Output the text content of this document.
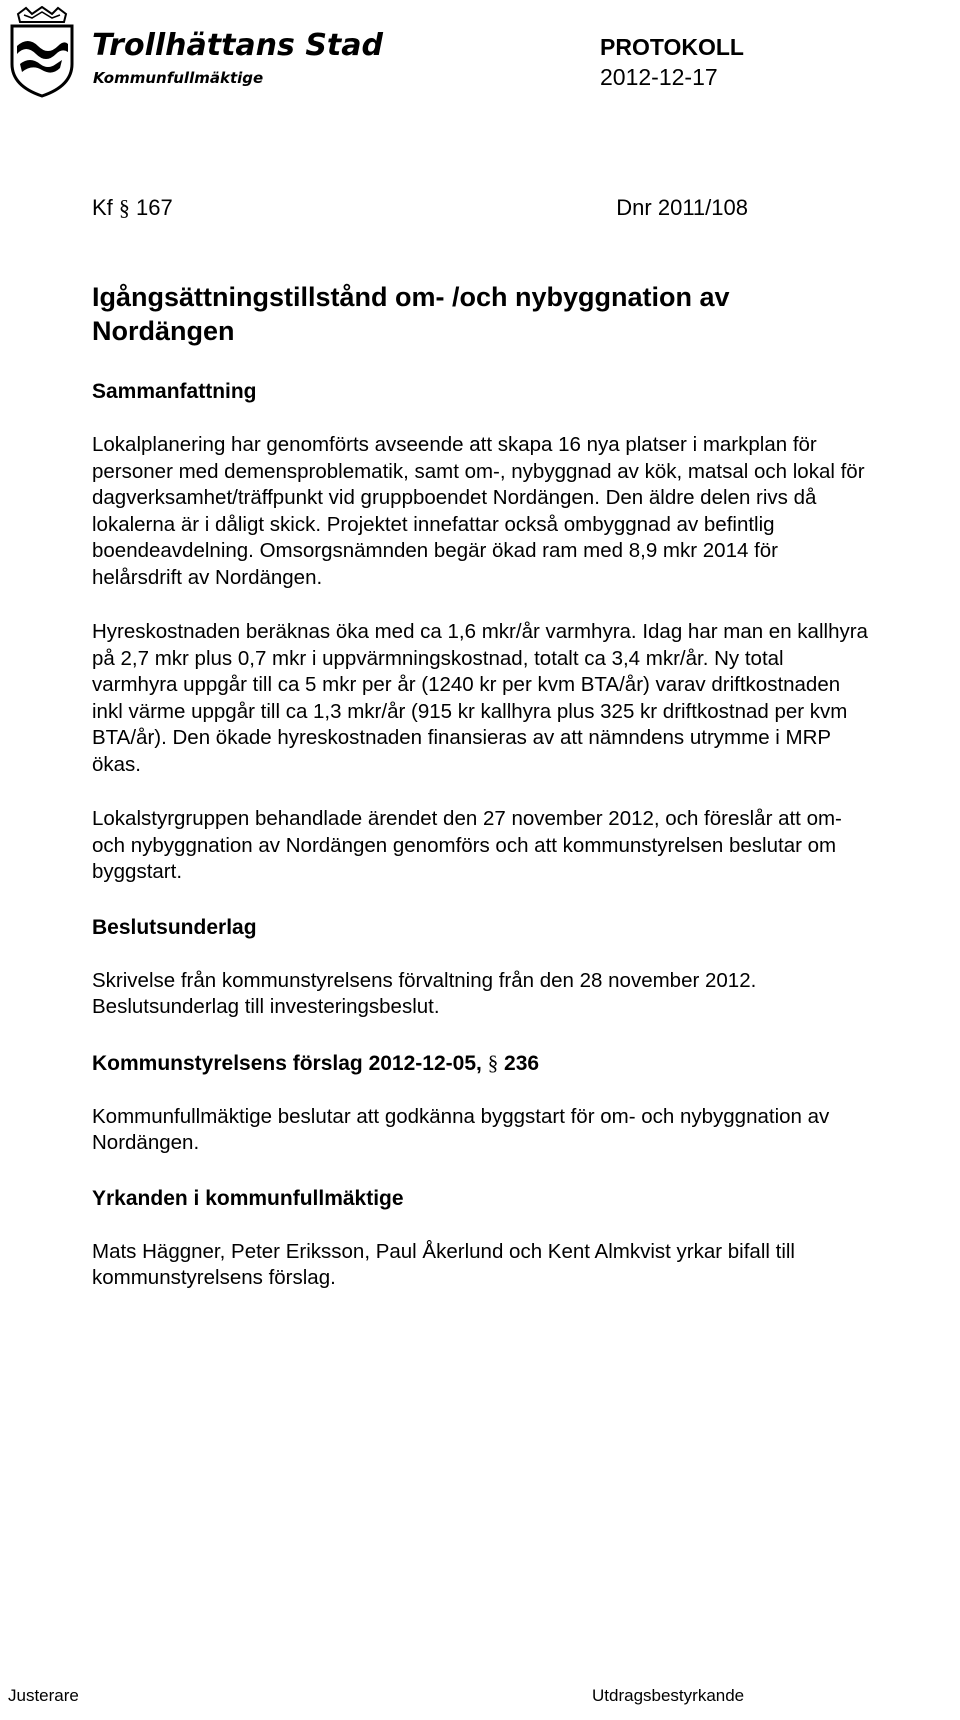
Trollhättans Stad
Kommunfullmäktige
PROTOKOLL
2012-12-17
Kf § 167	Dnr 2011/108
Igångsättningstillstånd om- /och nybyggnation av Nordängen
Sammanfattning
Lokalplanering har genomförts avseende att skapa 16 nya platser i markplan för personer med demensproblematik, samt om-, nybyggnad av kök, matsal och lokal för dagverksamhet/träffpunkt vid gruppboendet Nordängen. Den äldre delen rivs då lokalerna är i dåligt skick. Projektet innefattar också ombyggnad av befintlig boendeavdelning. Omsorgsnämnden begär ökad ram med 8,9 mkr 2014 för helårsdrift av Nordängen.
Hyreskostnaden beräknas öka med ca 1,6 mkr/år varmhyra. Idag har man en kallhyra på 2,7 mkr plus 0,7 mkr i uppvärmningskostnad, totalt ca 3,4 mkr/år. Ny total varmhyra uppgår till ca 5 mkr per år (1240 kr per kvm BTA/år) varav driftkostnaden inkl värme uppgår till ca 1,3 mkr/år (915 kr kallhyra plus 325 kr driftkostnad per kvm BTA/år). Den ökade hyreskostnaden finansieras av att nämndens utrymme i MRP ökas.
Lokalstyrgruppen behandlade ärendet den 27 november 2012, och föreslår att om- och nybyggnation av Nordängen genomförs och att kommunstyrelsen beslutar om byggstart.
Beslutsunderlag
Skrivelse från kommunstyrelsens förvaltning från den 28 november 2012.
Beslutsunderlag till investeringsbeslut.
Kommunstyrelsens förslag 2012-12-05, § 236
Kommunfullmäktige beslutar att godkänna byggstart för om- och nybyggnation av Nordängen.
Yrkanden i kommunfullmäktige
Mats Häggner, Peter Eriksson, Paul Åkerlund och Kent Almkvist yrkar bifall till kommunstyrelsens förslag.
Justerare	Utdragsbestyrkande
